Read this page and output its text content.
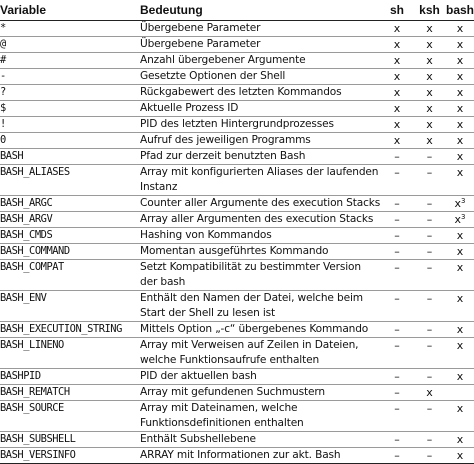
Variable	Bedeutung	sh	ksh	bash
*	Übergebene Parameter	x	x	x
@	Übergebene Parameter	x	x	x
#	Anzahl übergebener Argumente	x	x	x
-	Gesetzte Optionen der Shell	x	x	x
?	Rückgabewert des letzten Kommandos	x	x	x
$	Aktuelle Prozess ID	x	x	x
!	PID des letzten Hintergrundprozesses	x	x	x
0	Aufruf des jeweiligen Programms	x	x	x
BASH	Pfad zur derzeit benutzten Bash	–	–	x
BASH_ALIASES	Array mit konfigurierten Aliases der laufenden Instanz	–	–	x
BASH_ARGC	Counter aller Argumente des execution Stacks	–	–	$x^3$
BASH_ARGV	Array aller Argumenten des execution Stacks	–	–	$x^3$
BASH_CMDS	Hashing von Kommandos	–	–	x
BASH_COMMAND	Momentan ausgeführtes Kommando	–	–	x
BASH_COMPAT	Setzt Kompatibilität zu bestimmter Version der bash	–	–	x
BASH_ENV	Enthält den Namen der Datei, welche beim Start der Shell zu lesen ist	–	–	x
BASH_EXECUTION_STRING	Mittels Option „-c“ übergebenes Kommando	–	–	x
BASH_LINENO	Array mit Verweisen auf Zeilen in Dateien, welche Funktionsaufrufe enthalten	–	–	x
BASHPID	PID der aktuellen bash	–	–	x
BASH_REMATCH	Array mit gefundenen Suchmustern	–	x	
BASH_SOURCE	Array mit Dateinamen, welche Funktionsdefinitionen enthalten	–	–	x
BASH_SUBSHELL	Enthält Subshellebene	–	–	x
BASH_VERSINFO	ARRAY mit Informationen zur akt. Bash	–	–	x
